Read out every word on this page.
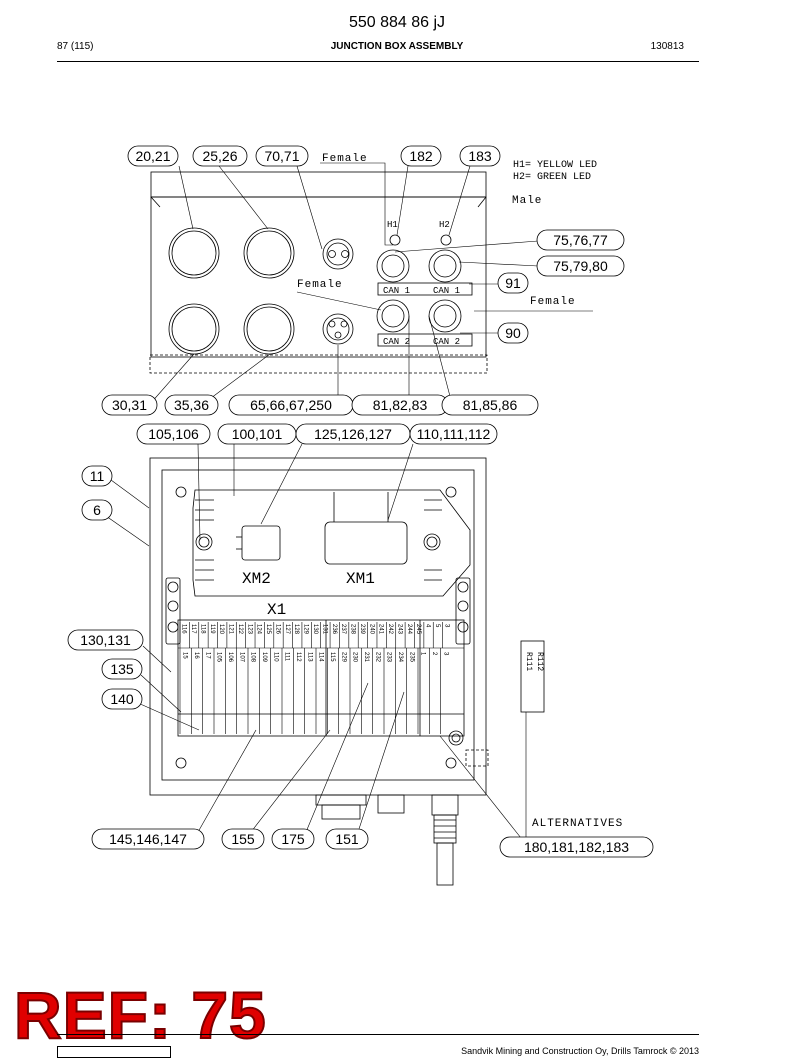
550 884 86 jJ
87 (115)	JUNCTION BOX ASSEMBLY	130813
116 117 118 119 120 121 122 123 124 125 126 127 128 129 130 131 236 237 238 239 240 241 242 243 244 245 4 5 3
15 16 17 105 106 107 108 109 110 111 112 113 114 115 229 230 231 232 233 234 235 1 2 3
20,21 25,26 70,71	182	183
75,76,77
75,79,80
91
90
30,31 35,36	65,66,67,250	81,82,83	81,85,86
105,106 100,101 125,126,127 110,111,112
11
6
130,131
135
140
145,146,147	155 175 151	180,181,182,183
Female
Female
Female
Male
H1= YELLOW LED
H2= GREEN LED
H1	H2
CAN 1	CAN 1
CAN 2	CAN 2
XM2	XM1
X1
ALTERNATIVES
R111 R112
REF: 75	Sandvik Mining and Construction Oy, Drills Tamrock © 2013
